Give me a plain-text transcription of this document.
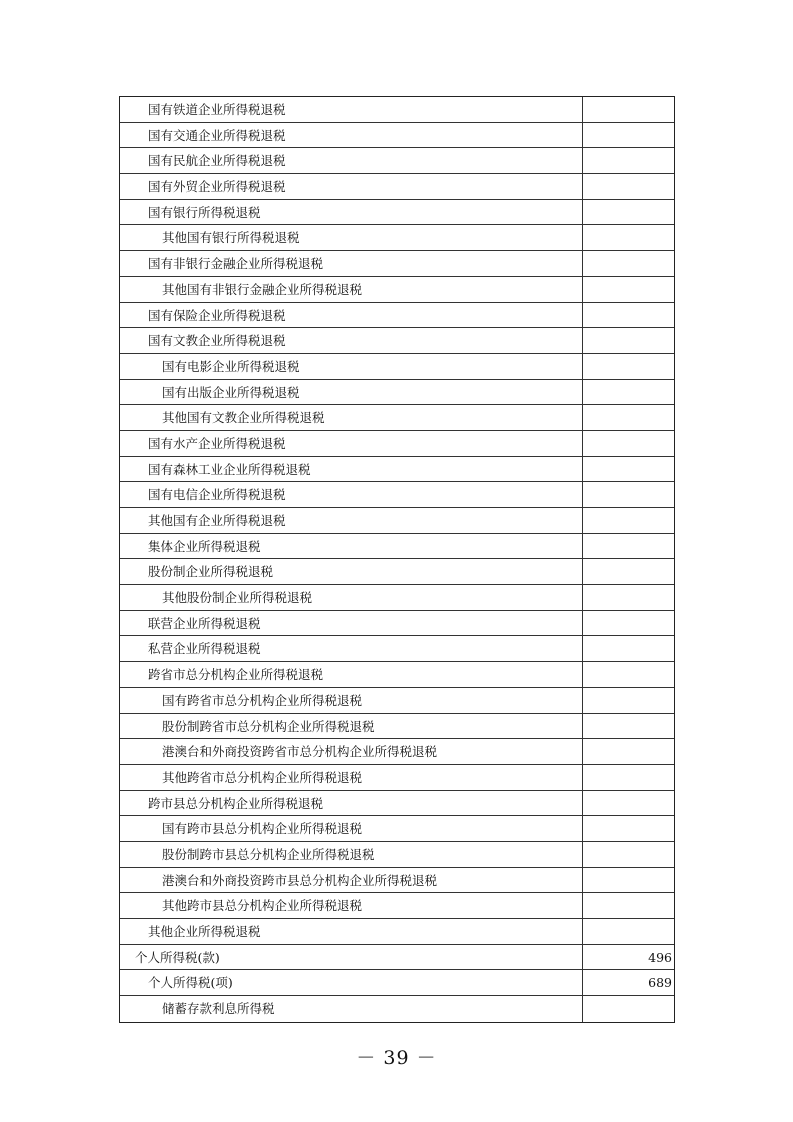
国有铁道企业所得税退税
国有交通企业所得税退税
国有民航企业所得税退税
国有外贸企业所得税退税
国有银行所得税退税
其他国有银行所得税退税
国有非银行金融企业所得税退税
其他国有非银行金融企业所得税退税
国有保险企业所得税退税
国有文教企业所得税退税
国有电影企业所得税退税
国有出版企业所得税退税
其他国有文教企业所得税退税
国有水产企业所得税退税
国有森林工业企业所得税退税
国有电信企业所得税退税
其他国有企业所得税退税
集体企业所得税退税
股份制企业所得税退税
其他股份制企业所得税退税
联营企业所得税退税
私营企业所得税退税
跨省市总分机构企业所得税退税
国有跨省市总分机构企业所得税退税
股份制跨省市总分机构企业所得税退税
港澳台和外商投资跨省市总分机构企业所得税退税
其他跨省市总分机构企业所得税退税
跨市县总分机构企业所得税退税
国有跨市县总分机构企业所得税退税
股份制跨市县总分机构企业所得税退税
港澳台和外商投资跨市县总分机构企业所得税退税
其他跨市县总分机构企业所得税退税
其他企业所得税退税
个人所得税(款)	496
个人所得税(项)	689
储蓄存款利息所得税
－ 39 －
